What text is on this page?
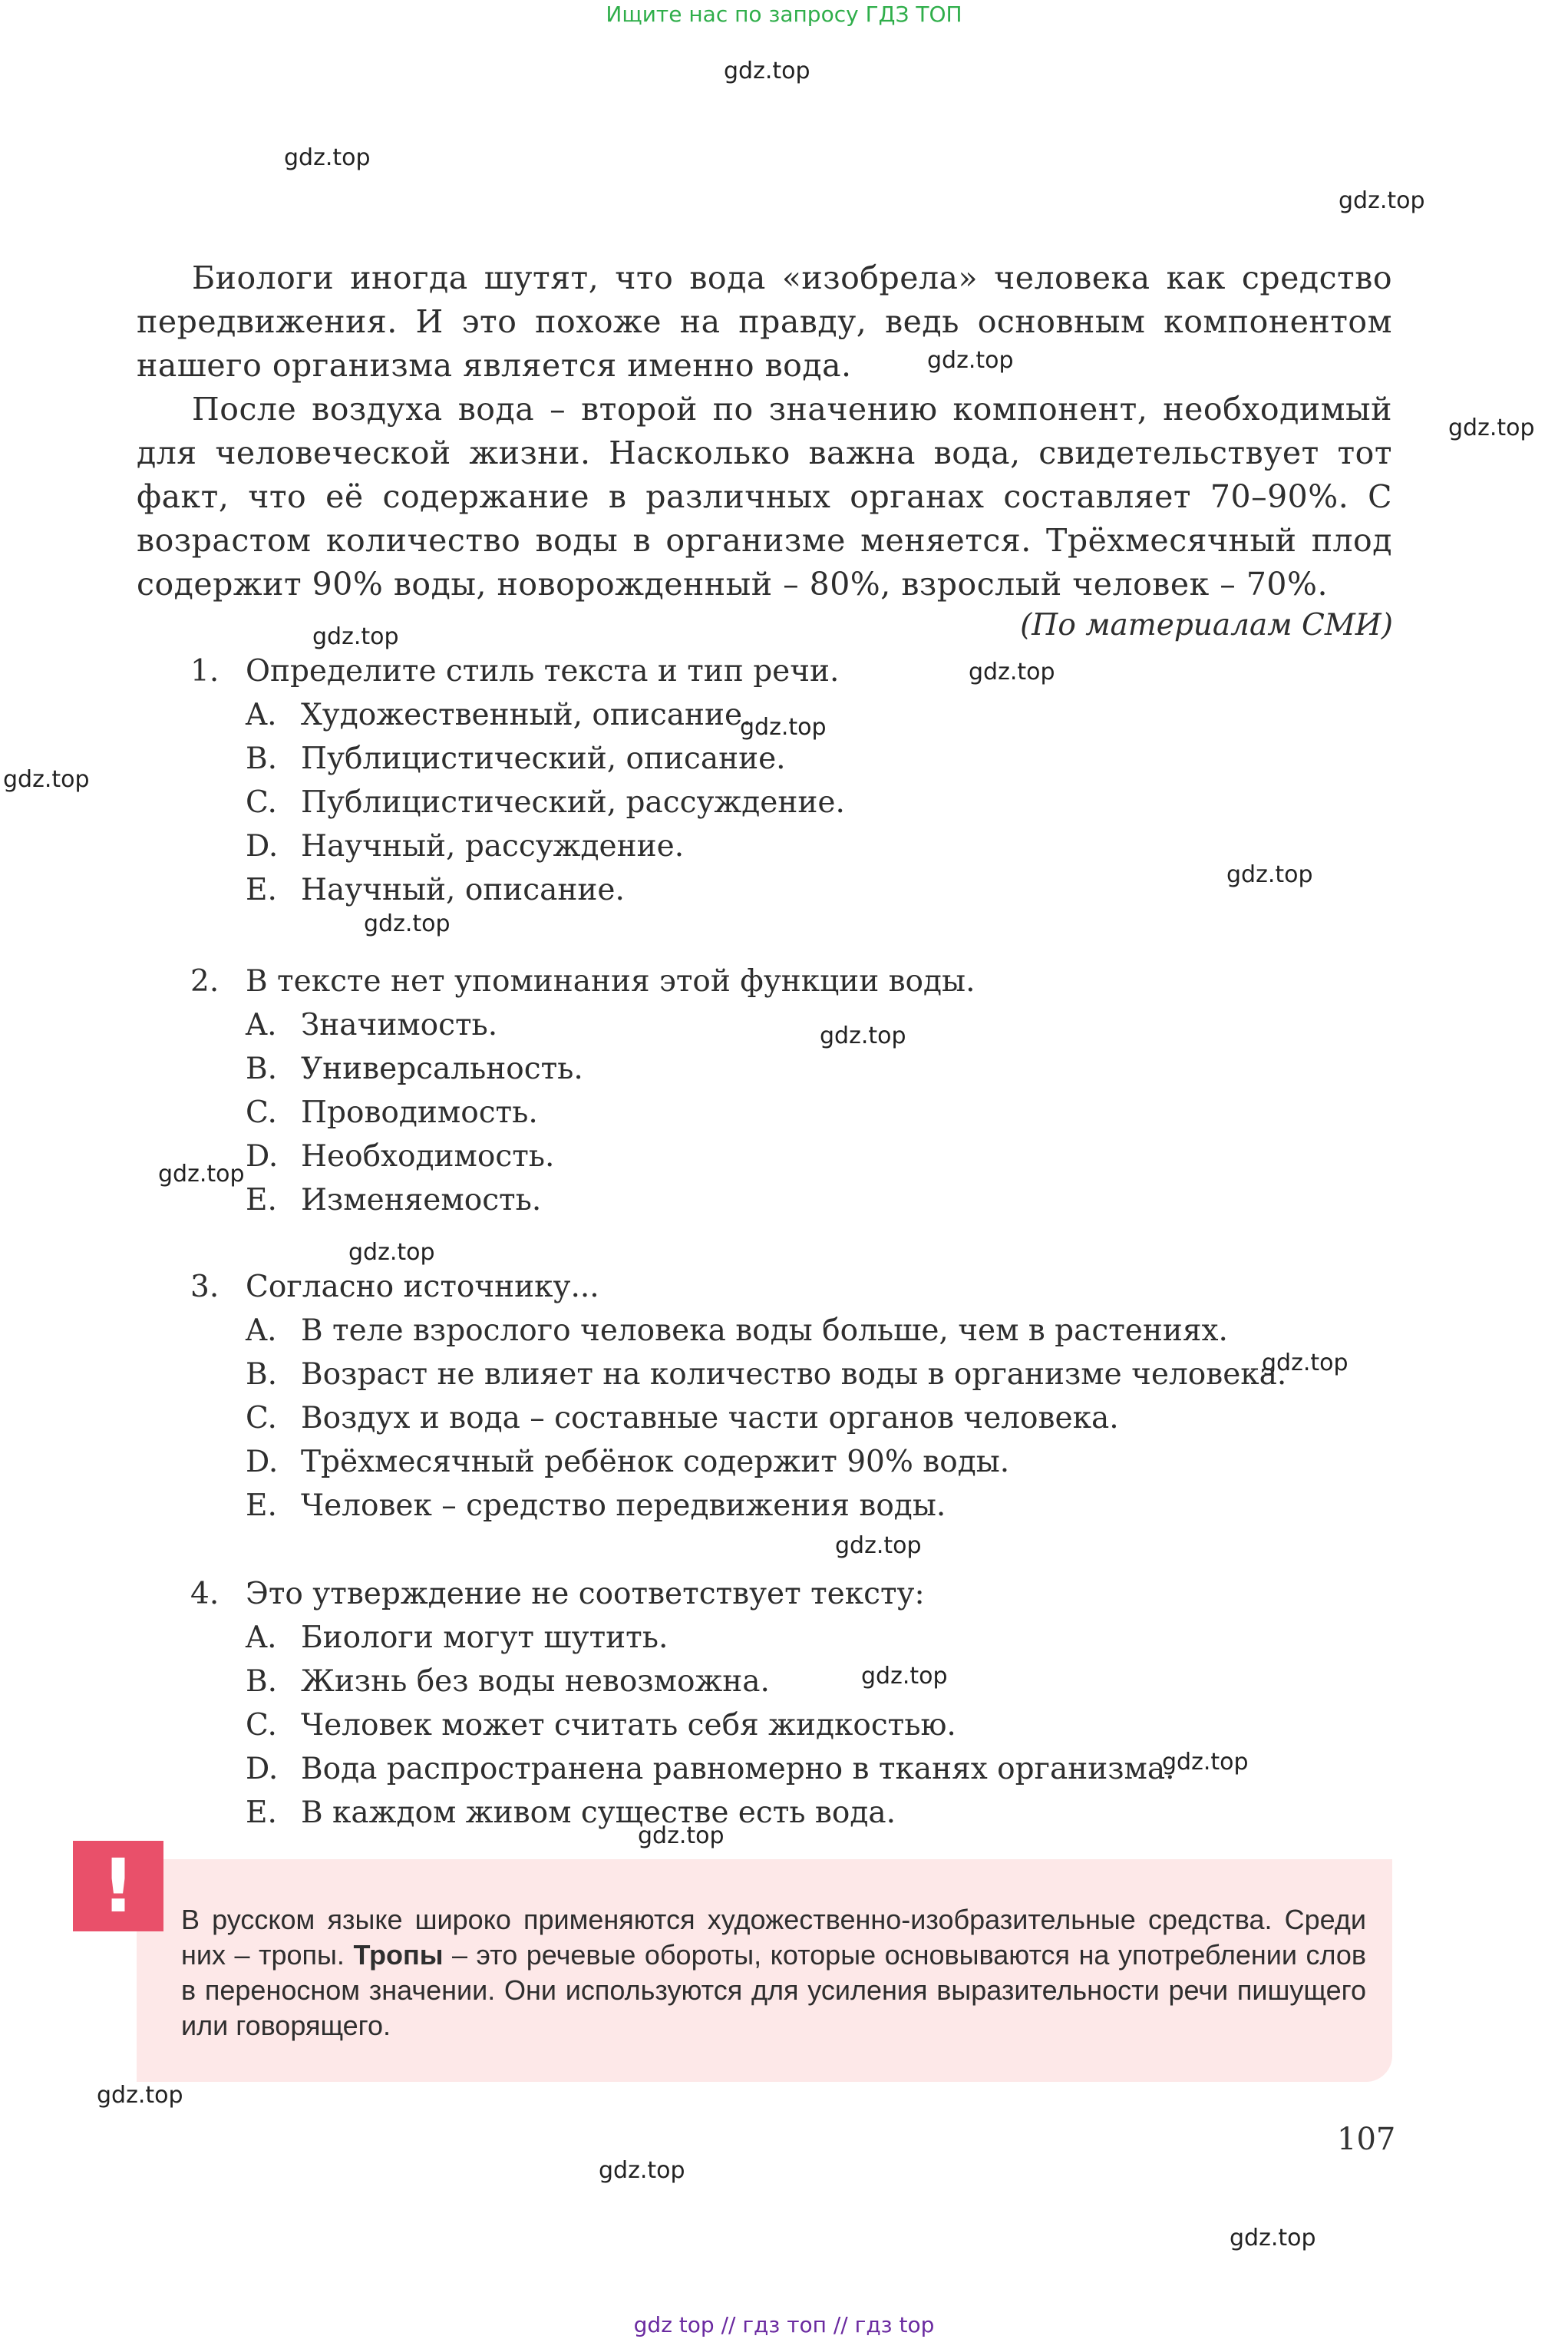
Ищите нас по запросу ГДЗ ТОП
gdz.top
gdz.top
gdz.top
gdz.top
gdz.top
gdz.top
gdz.top
gdz.top
gdz.top
gdz.top
gdz.top
gdz.top
gdz.top
gdz.top
gdz.top
gdz.top
gdz.top
gdz.top
gdz.top
gdz.top
gdz.top
gdz.top

Биологи иногда шутят, что вода «изобрела» человека как средство передвижения. И это похоже на правду, ведь основным компонентом нашего организма является именно вода.

После воздуха вода – второй по значению компонент, необходимый для человеческой жизни. Насколько важна вода, свидетельствует тот факт, что её содержание в различных органах составляет 70–90%. С возрастом количество воды в организме меняется. Трёхмесячный плод содержит 90% воды, новорожденный – 80%, взрослый человек – 70%.

(По материалам СМИ)
1. Определите стиль текста и тип речи.
A. Художественный, описание.
B. Публицистический, описание.
C. Публицистический, рассуждение.
D. Научный, рассуждение.
E. Научный, описание.
2. В тексте нет упоминания этой функции воды.
A. Значимость.
B. Универсальность.
C. Проводимость.
D. Необходимость.
E. Изменяемость.
3. Согласно источнику...
A. В теле взрослого человека воды больше, чем в растениях.
B. Возраст не влияет на количество воды в организме человека.
C. Воздух и вода – составные части органов человека.
D. Трёхмесячный ребёнок содержит 90% воды.
E. Человек – средство передвижения воды.
4. Это утверждение не соответствует тексту:
A. Биологи могут шутить.
B. Жизнь без воды невозможна.
C. Человек может считать себя жидкостью.
D. Вода распространена равномерно в тканях организма.
E. В каждом живом существе есть вода.
!	В русском языке широко применяются художественно-изобразительные средства. Среди них – тропы. Тропы – это речевые обороты, которые основываются на употреблении слов в переносном значении. Они используются для усиления выразительности речи пишущего или говорящего.
107
gdz top // гдз топ // гдз top
